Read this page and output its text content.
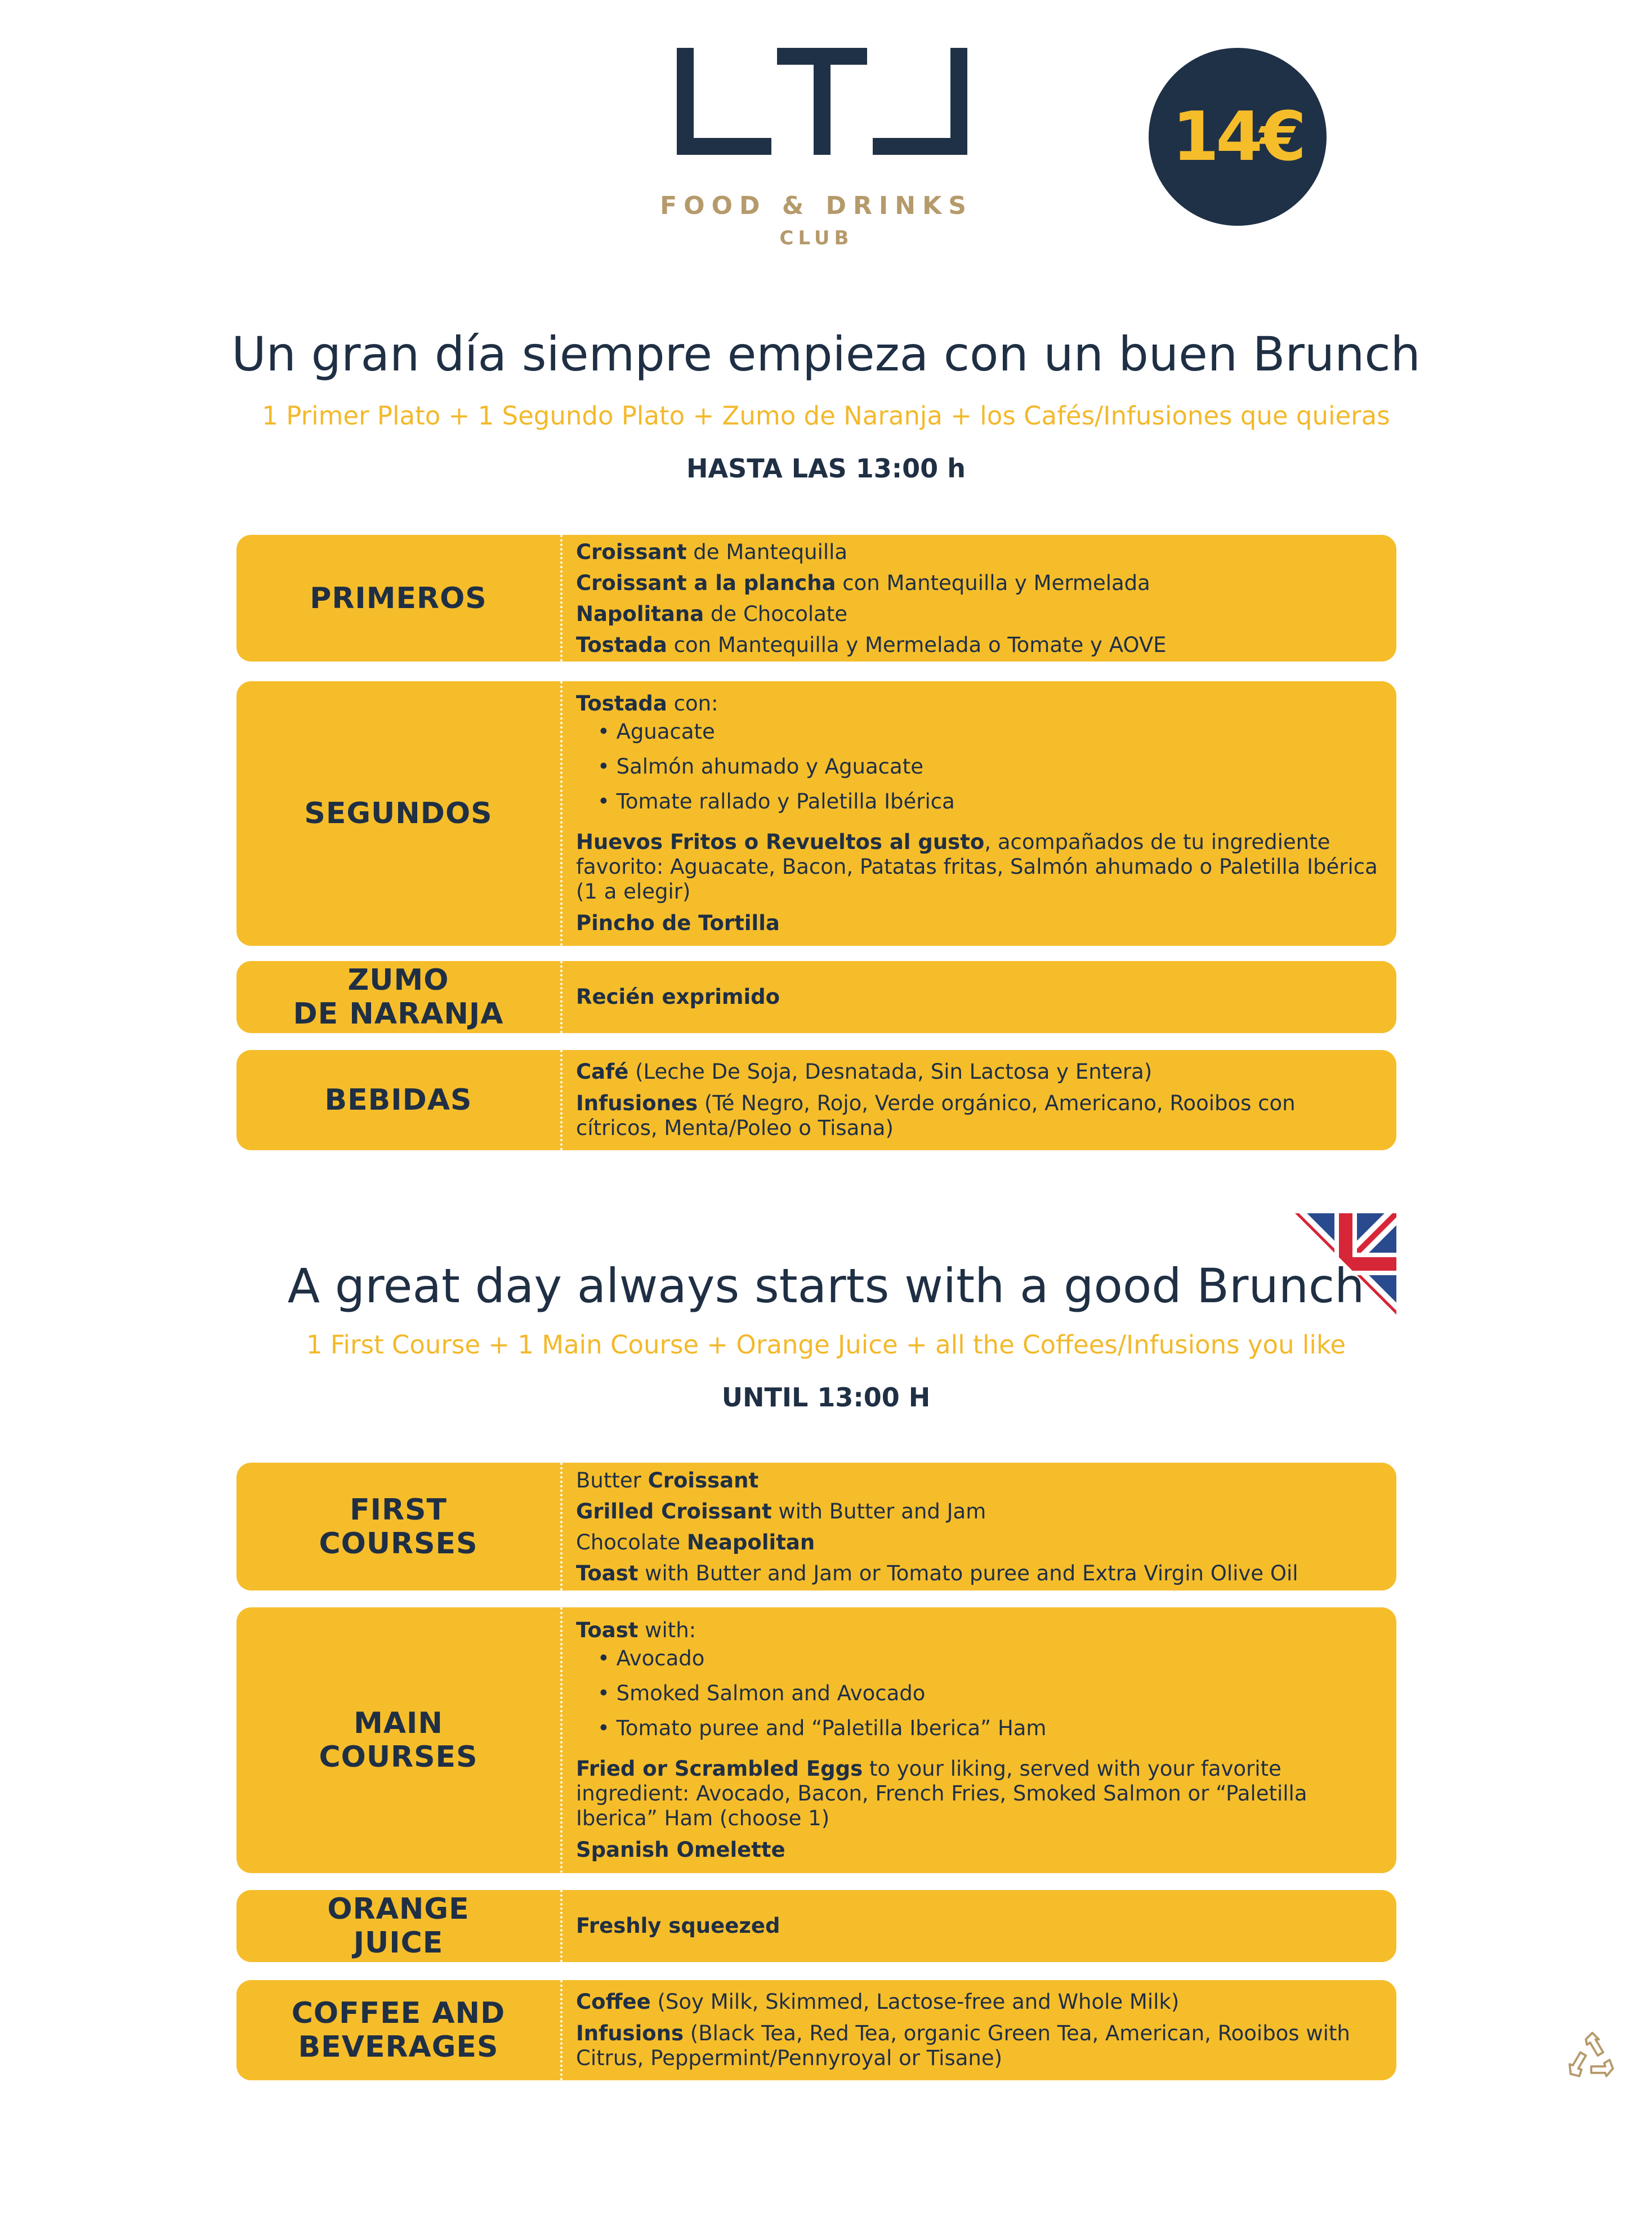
FOOD & DRINKS
CLUB
14€
Un gran día siempre empieza con un buen Brunch
1 Primer Plato + 1 Segundo Plato + Zumo de Naranja + los Cafés/Infusiones que quieras
HASTA LAS 13:00 h
PRIMEROS
Croissant de Mantequilla
Croissant a la plancha con Mantequilla y Mermelada
Napolitana de Chocolate
Tostada con Mantequilla y Mermelada o Tomate y AOVE
SEGUNDOS
Tostada con:
• Aguacate
• Salmón ahumado y Aguacate
• Tomate rallado y Paletilla Ibérica

Huevos Fritos o Revueltos al gusto, acompañados de tu ingrediente favorito: Aguacate, Bacon, Patatas fritas, Salmón ahumado o Paletilla Ibérica (1 a elegir)

Pincho de Tortilla

ZUMO
DE NARANJA
Recién exprimido
BEBIDAS

Café (Leche De Soja, Desnatada, Sin Lactosa y Entera)

Infusiones (Té Negro, Rojo, Verde orgánico, Americano, Rooibos con cítricos, Menta/Poleo o Tisana)

A great day always starts with a good Brunch
1 First Course + 1 Main Course + Orange Juice + all the Coffees/Infusions you like
UNTIL 13:00 H
FIRST
COURSES
Butter Croissant
Grilled Croissant with Butter and Jam
Chocolate Neapolitan
Toast with Butter and Jam or Tomato puree and Extra Virgin Olive Oil
MAIN
COURSES
Toast with:
• Avocado
• Smoked Salmon and Avocado
• Tomato puree and “Paletilla Iberica” Ham

Fried or Scrambled Eggs to your liking, served with your favorite ingredient: Avocado, Bacon, French Fries, Smoked Salmon or “Paletilla Iberica” Ham (choose 1)

Spanish Omelette

ORANGE
JUICE
Freshly squeezed
COFFEE AND
BEVERAGES

Coffee (Soy Milk, Skimmed, Lactose-free and Whole Milk)

Infusions (Black Tea, Red Tea, organic Green Tea, American, Rooibos with Citrus, Peppermint/Pennyroyal or Tisane)
